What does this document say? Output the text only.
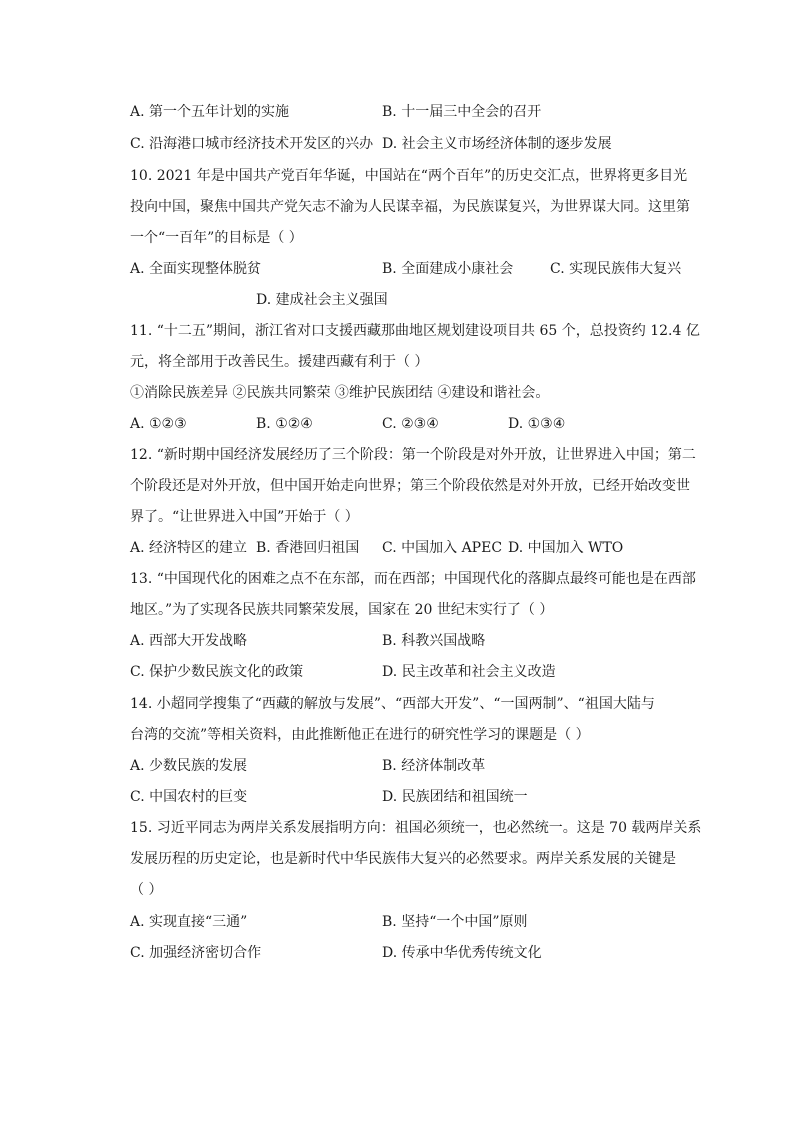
A. 第一个五年计划的实施	B. 十一届三中全会的召开
C. 沿海港口城市经济技术开发区的兴办 D. 社会主义市场经济体制的逐步发展
10. 2021 年是中国共产党百年华诞，中国站在“两个百年”的历史交汇点，世界将更多目光
投向中国，聚焦中国共产党矢志不渝为人民谋幸福，为民族谋复兴，为世界谋大同。这里第
一个“一百年”的目标是（ ）
A. 全面实现整体脱贫	B. 全面建成小康社会	C. 实现民族伟大复兴
D. 建成社会主义强国
11. “十二五”期间，浙江省对口支援西藏那曲地区规划建设项目共 65 个，总投资约 12.4 亿
元，将全部用于改善民生。援建西藏有利于（ ）
①消除民族差异 ②民族共同繁荣 ③维护民族团结 ④建设和谐社会。
A. ①②③	B. ①②④	C. ②③④	D. ①③④
12. “新时期中国经济发展经历了三个阶段：第一个阶段是对外开放，让世界进入中国；第二
个阶段还是对外开放，但中国开始走向世界；第三个阶段依然是对外开放，已经开始改变世
界了。“让世界进入中国”开始于（ ）
A. 经济特区的建立 B. 香港回归祖国 C. 中国加入 APEC D. 中国加入 WTO
13. “中国现代化的困难之点不在东部，而在西部；中国现代化的落脚点最终可能也是在西部
地区。”为了实现各民族共同繁荣发展，国家在 20 世纪末实行了（ ）
A. 西部大开发战略	B. 科教兴国战略
C. 保护少数民族文化的政策	D. 民主改革和社会主义改造
14. 小超同学搜集了“西藏的解放与发展”、“西部大开发”、“一国两制”、“祖国大陆与
台湾的交流”等相关资料，由此推断他正在进行的研究性学习的课题是（ ）
A. 少数民族的发展	B. 经济体制改革
C. 中国农村的巨变	D. 民族团结和祖国统一
15. 习近平同志为两岸关系发展指明方向：祖国必须统一，也必然统一。这是 70 载两岸关系
发展历程的历史定论，也是新时代中华民族伟大复兴的必然要求。两岸关系发展的关键是
（ ）
A. 实现直接“三通”	B. 坚持“一个中国”原则
C. 加强经济密切合作	D. 传承中华优秀传统文化
